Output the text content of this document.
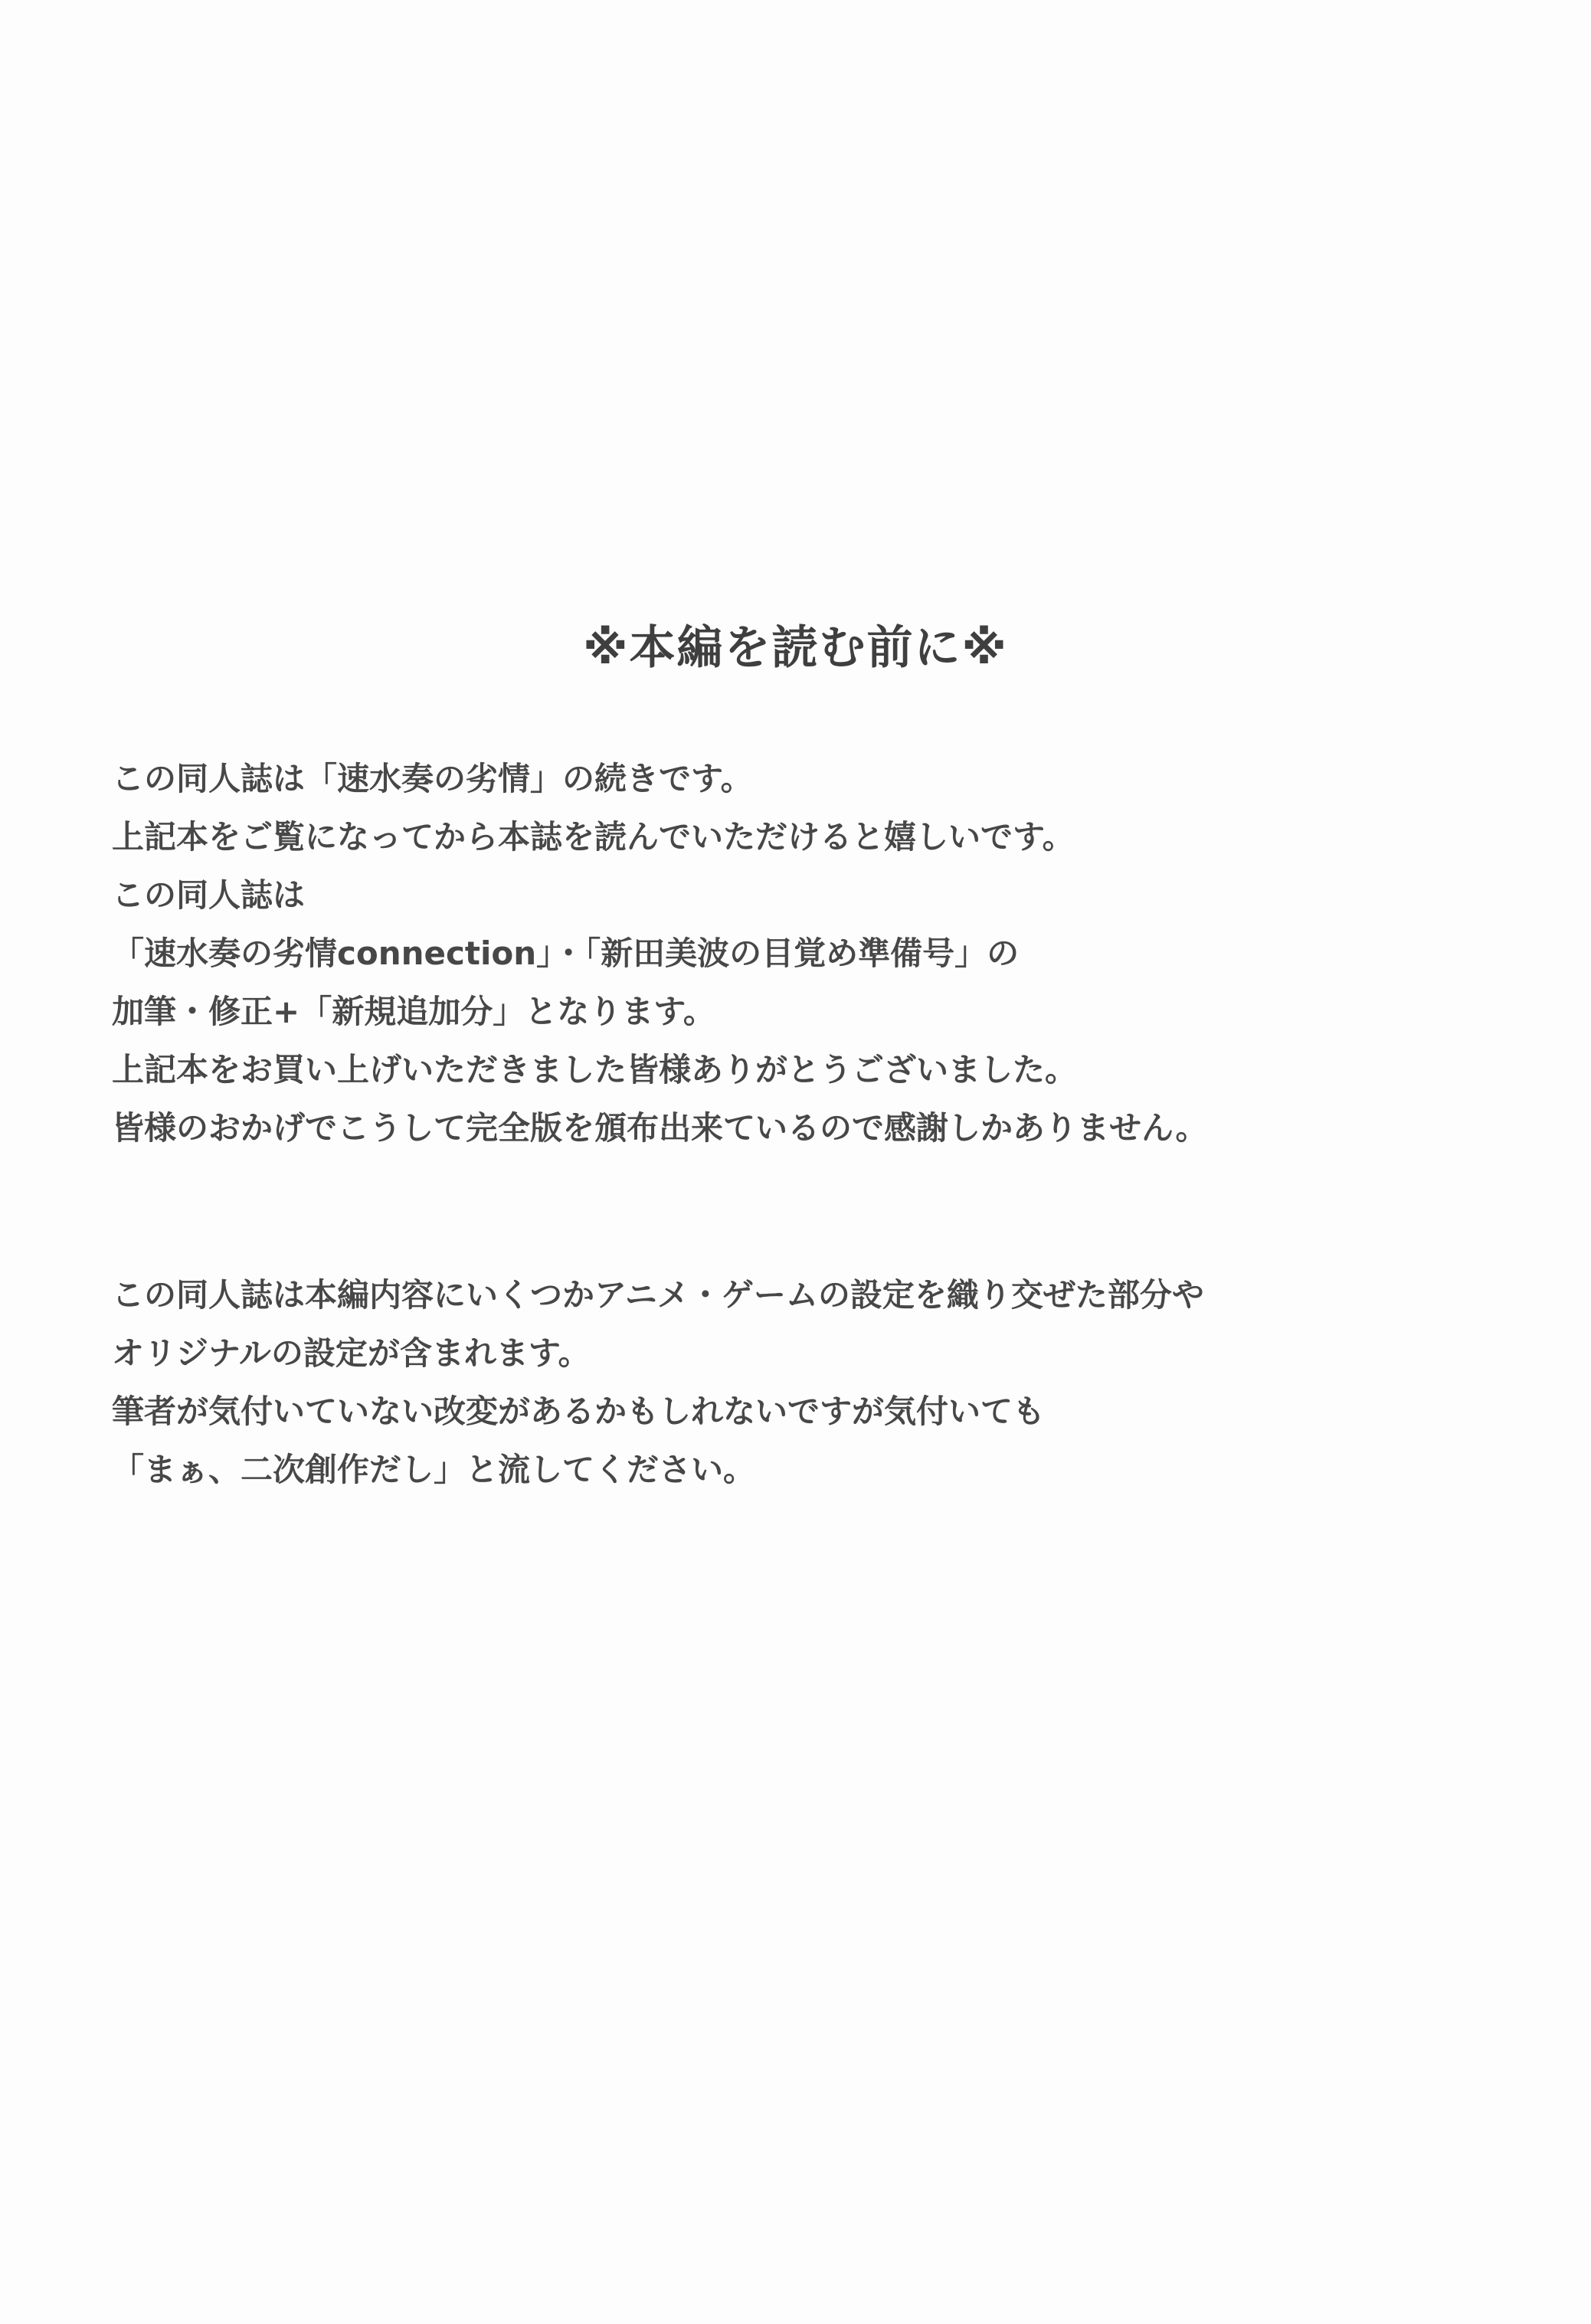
※本編を読む前に※
この同人誌は「速水奏の劣情」の続きです。
上記本をご覧になってから本誌を読んでいただけると嬉しいです。
この同人誌は
「速水奏の劣情connection」・「新田美波の目覚め準備号」の
加筆・修正+「新規追加分」となります。
上記本をお買い上げいただきました皆様ありがとうございました。
皆様のおかげでこうして完全版を頒布出来ているので感謝しかありません。
この同人誌は本編内容にいくつかアニメ・ゲームの設定を織り交ぜた部分や
オリジナルの設定が含まれます。
筆者が気付いていない改変があるかもしれないですが気付いても
「まぁ、二次創作だし」と流してください。
